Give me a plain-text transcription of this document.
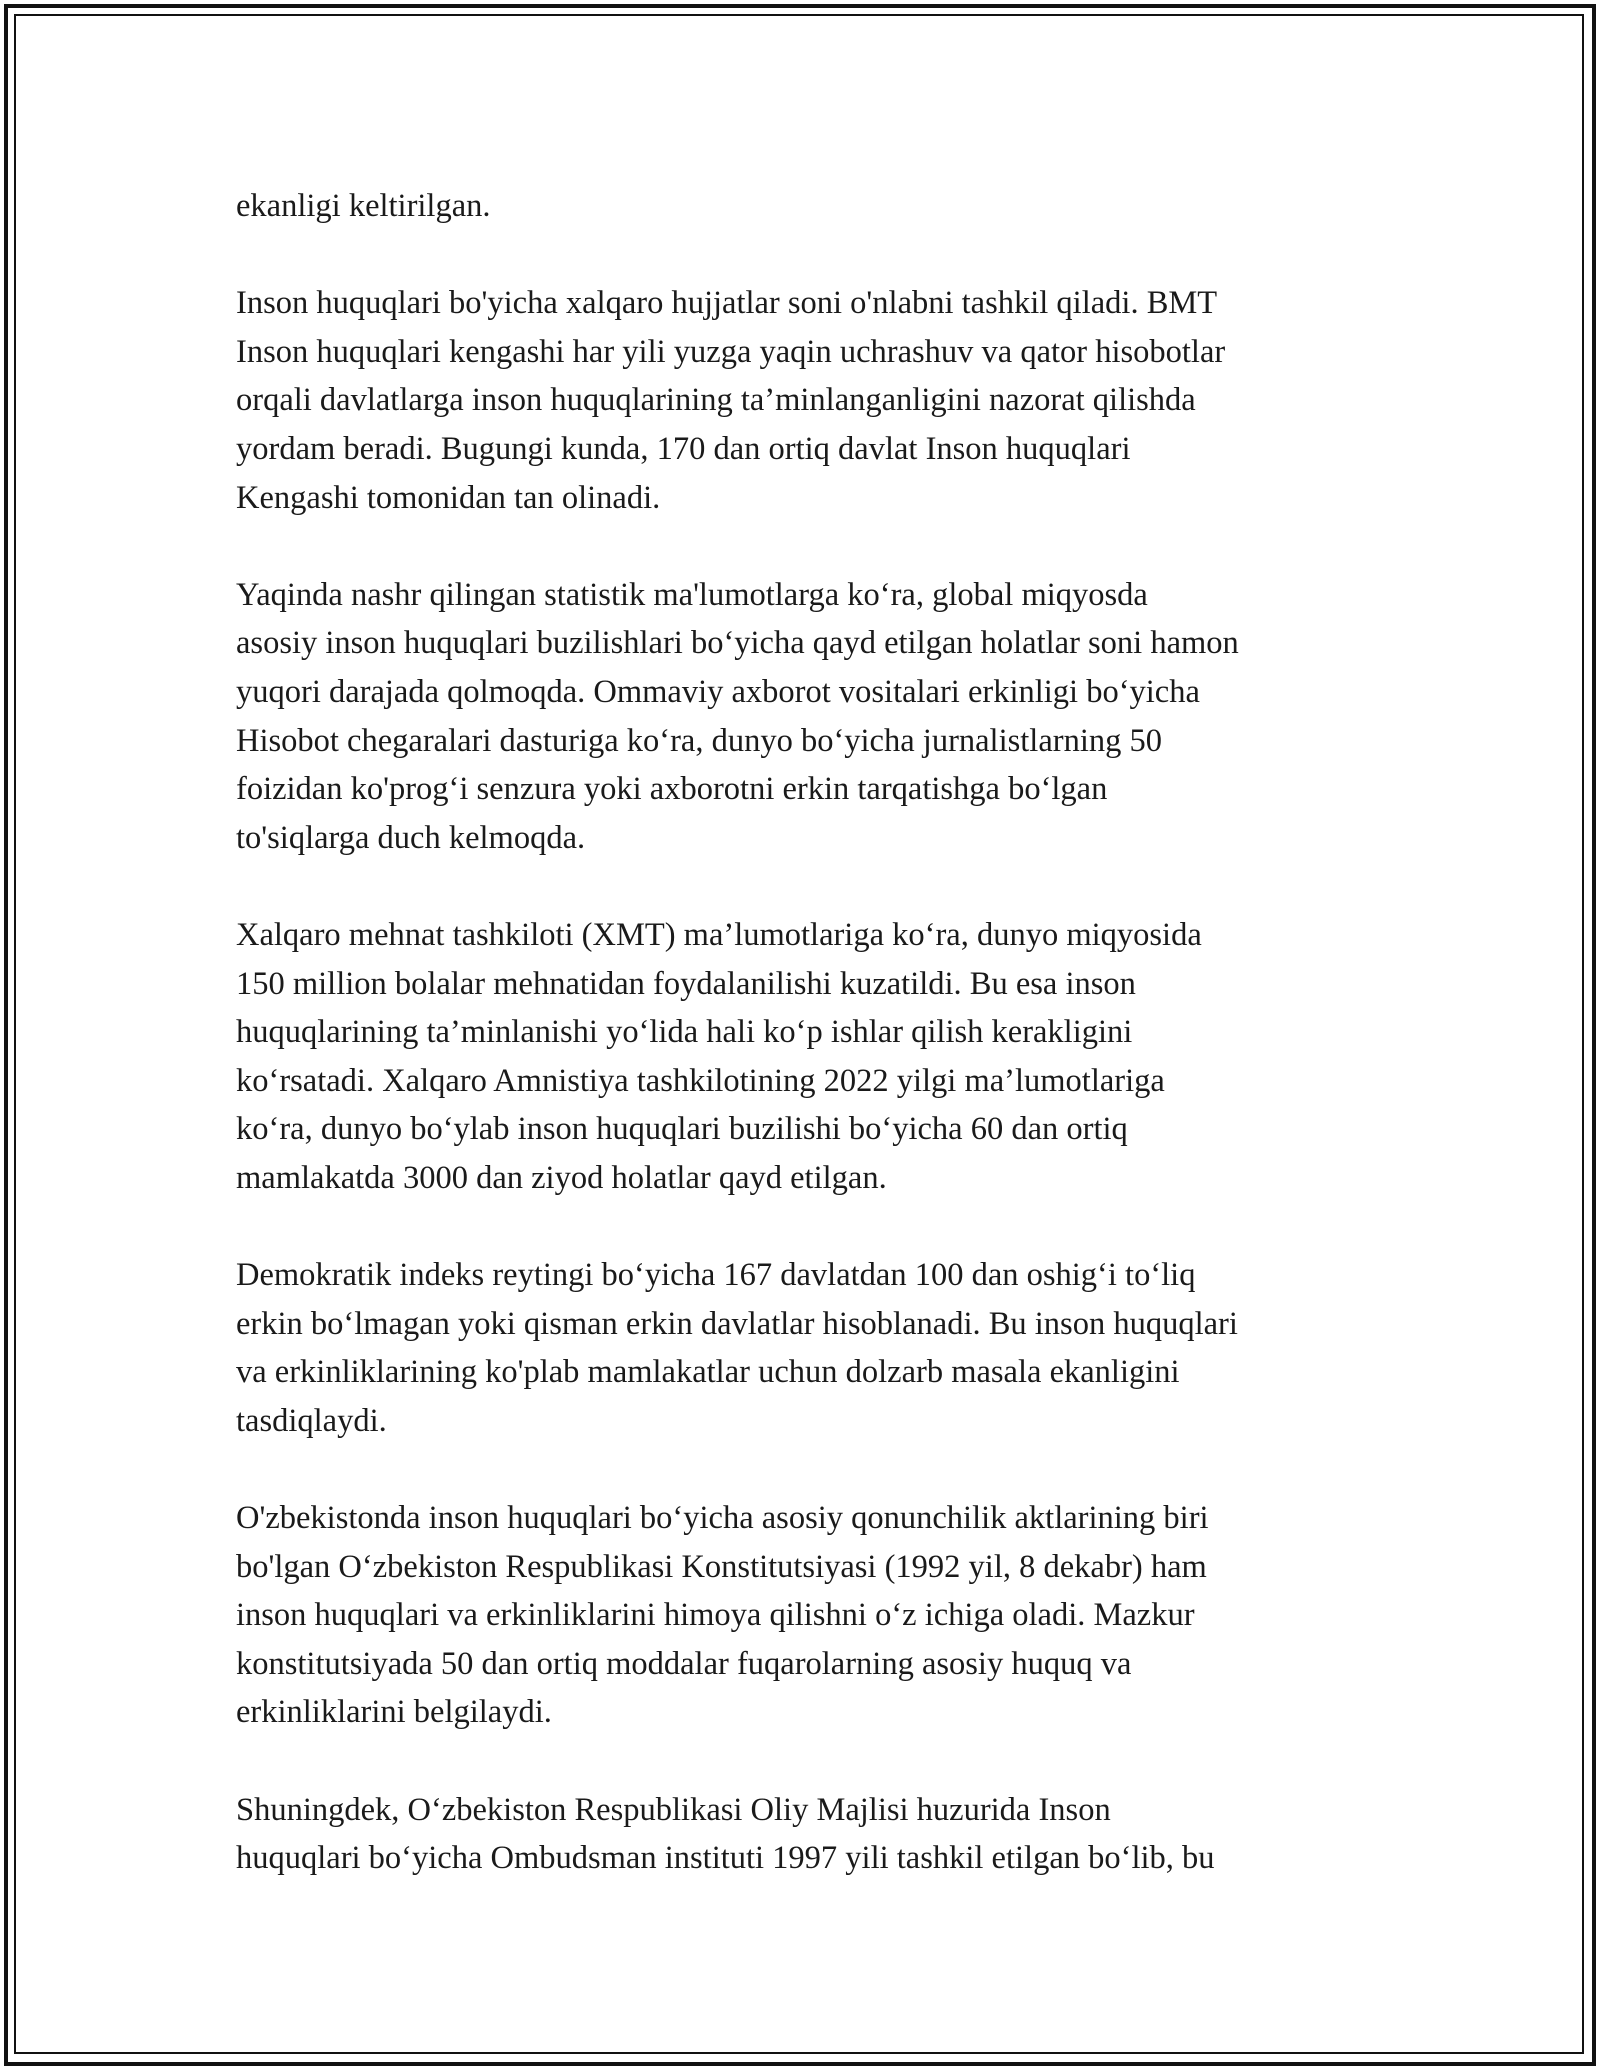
ekanligi keltirilgan.

Inson huquqlari bo'yicha xalqaro hujjatlar soni o'nlabni tashkil qiladi. BMT
Inson huquqlari kengashi har yili yuzga yaqin uchrashuv va qator hisobotlar
orqali davlatlarga inson huquqlarining ta’minlanganligini nazorat qilishda
yordam beradi. Bugungi kunda, 170 dan ortiq davlat Inson huquqlari
Kengashi tomonidan tan olinadi.

Yaqinda nashr qilingan statistik ma'lumotlarga ko‘ra, global miqyosda
asosiy inson huquqlari buzilishlari bo‘yicha qayd etilgan holatlar soni hamon
yuqori darajada qolmoqda. Ommaviy axborot vositalari erkinligi bo‘yicha
Hisobot chegaralari dasturiga ko‘ra, dunyo bo‘yicha jurnalistlarning 50
foizidan ko'prog‘i senzura yoki axborotni erkin tarqatishga bo‘lgan
to'siqlarga duch kelmoqda.

Xalqaro mehnat tashkiloti (XMT) ma’lumotlariga ko‘ra, dunyo miqyosida
150 million bolalar mehnatidan foydalanilishi kuzatildi. Bu esa inson
huquqlarining ta’minlanishi yo‘lida hali ko‘p ishlar qilish kerakligini
ko‘rsatadi. Xalqaro Amnistiya tashkilotining 2022 yilgi ma’lumotlariga
ko‘ra, dunyo bo‘ylab inson huquqlari buzilishi bo‘yicha 60 dan ortiq
mamlakatda 3000 dan ziyod holatlar qayd etilgan.

Demokratik indeks reytingi bo‘yicha 167 davlatdan 100 dan oshig‘i to‘liq
erkin bo‘lmagan yoki qisman erkin davlatlar hisoblanadi. Bu inson huquqlari
va erkinliklarining ko'plab mamlakatlar uchun dolzarb masala ekanligini
tasdiqlaydi.

O'zbekistonda inson huquqlari bo‘yicha asosiy qonunchilik aktlarining biri
bo'lgan O‘zbekiston Respublikasi Konstitutsiyasi (1992 yil, 8 dekabr) ham
inson huquqlari va erkinliklarini himoya qilishni o‘z ichiga oladi. Mazkur
konstitutsiyada 50 dan ortiq moddalar fuqarolarning asosiy huquq va
erkinliklarini belgilaydi.

Shuningdek, O‘zbekiston Respublikasi Oliy Majlisi huzurida Inson
huquqlari bo‘yicha Ombudsman instituti 1997 yili tashkil etilgan bo‘lib, bu
